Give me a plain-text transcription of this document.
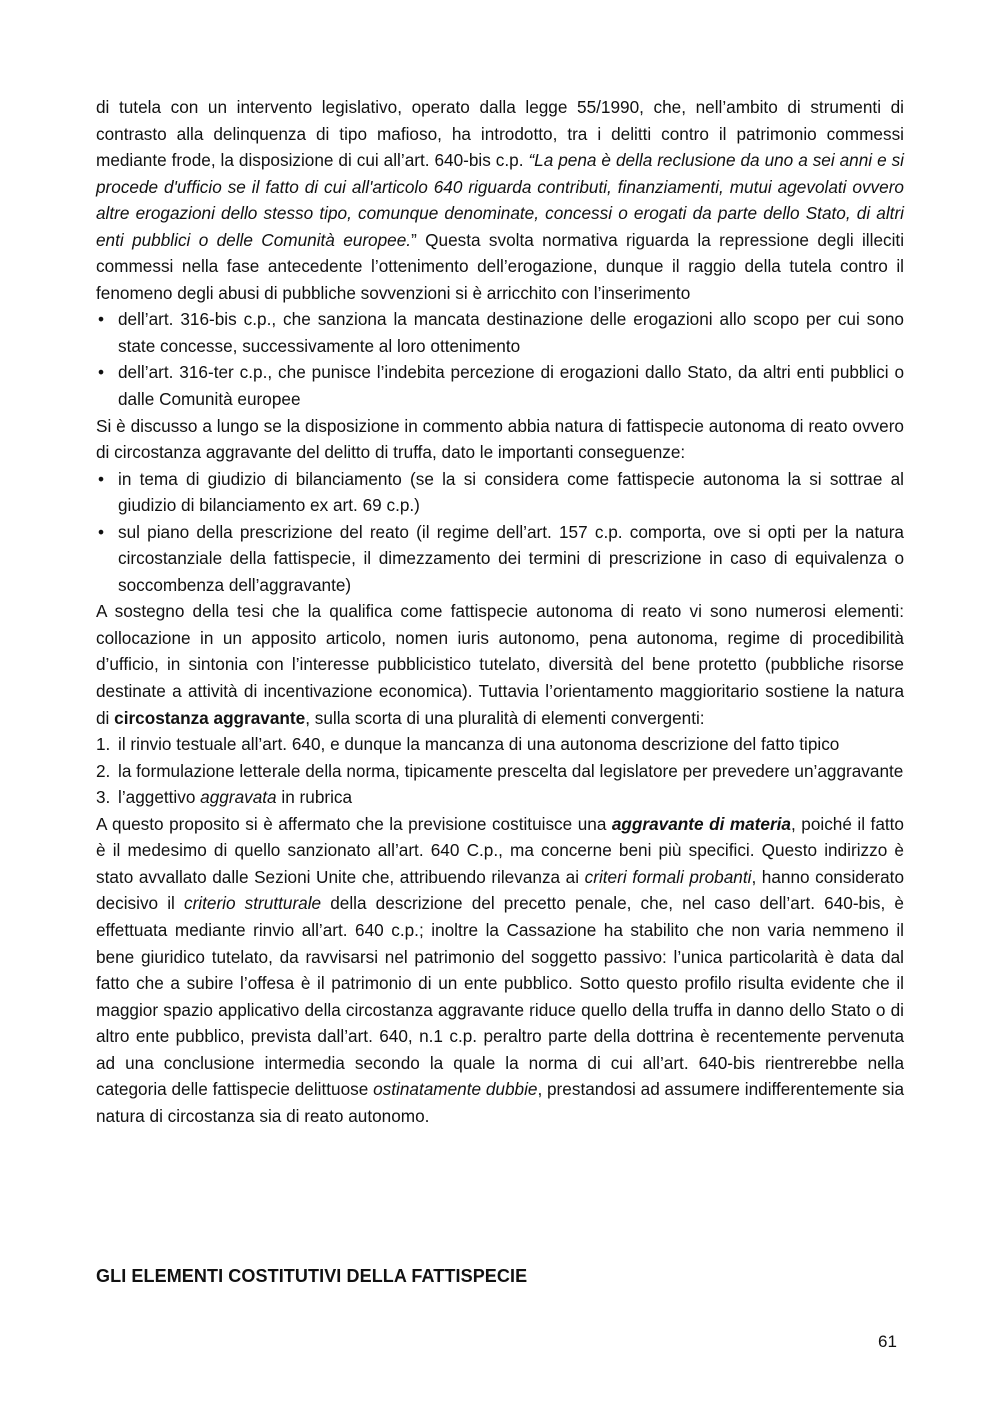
di tutela con un intervento legislativo, operato dalla legge 55/1990, che, nell’ambito di strumenti di contrasto alla delinquenza di tipo mafioso, ha introdotto, tra i delitti contro il patrimonio commessi mediante frode, la disposizione di cui all’art. 640-bis c.p. “La pena è della reclusione da uno a sei anni e si procede d'ufficio se il fatto di cui all'articolo 640 riguarda contributi, finanziamenti, mutui agevolati ovvero altre erogazioni dello stesso tipo, comunque denominate, concessi o erogati da parte dello Stato, di altri enti pubblici o delle Comunità europee.” Questa svolta normativa riguarda la repressione degli illeciti commessi nella fase antecedente l’ottenimento dell’erogazione, dunque il raggio della tutela contro il fenomeno degli abusi di pubbliche sovvenzioni si è arricchito con l’inserimento

• dell’art. 316-bis c.p., che sanziona la mancata destinazione delle erogazioni allo scopo per cui sono state concesse, successivamente al loro ottenimento
• dell’art. 316-ter c.p., che punisce l’indebita percezione di erogazioni dallo Stato, da altri enti pubblici o dalle Comunità europee

Si è discusso a lungo se la disposizione in commento abbia natura di fattispecie autonoma di reato ovvero di circostanza aggravante del delitto di truffa, dato le importanti conseguenze:

• in tema di giudizio di bilanciamento (se la si considera come fattispecie autonoma la si sottrae al giudizio di bilanciamento ex art. 69 c.p.)
• sul piano della prescrizione del reato (il regime dell’art. 157 c.p. comporta, ove si opti per la natura circostanziale della fattispecie, il dimezzamento dei termini di prescrizione in caso di equivalenza o soccombenza dell’aggravante)

A sostegno della tesi che la qualifica come fattispecie autonoma di reato vi sono numerosi elementi: collocazione in un apposito articolo, nomen iuris autonomo, pena autonoma, regime di procedibilità d’ufficio, in sintonia con l’interesse pubblicistico tutelato, diversità del bene protetto (pubbliche risorse destinate a attività di incentivazione economica). Tuttavia l’orientamento maggioritario sostiene la natura di circostanza aggravante, sulla scorta di una pluralità di elementi convergenti:

1. il rinvio testuale all’art. 640, e dunque la mancanza di una autonoma descrizione del fatto tipico
2. la formulazione letterale della norma, tipicamente prescelta dal legislatore per prevedere un’aggravante
3. l’aggettivo aggravata in rubrica

A questo proposito si è affermato che la previsione costituisce una aggravante di materia, poiché il fatto è il medesimo di quello sanzionato all’art. 640 C.p., ma concerne beni più specifici. Questo indirizzo è stato avvallato dalle Sezioni Unite che, attribuendo rilevanza ai criteri formali probanti, hanno considerato decisivo il criterio strutturale della descrizione del precetto penale, che, nel caso dell’art. 640-bis, è effettuata mediante rinvio all’art. 640 c.p.; inoltre la Cassazione ha stabilito che non varia nemmeno il bene giuridico tutelato, da ravvisarsi nel patrimonio del soggetto passivo: l’unica particolarità è data dal fatto che a subire l’offesa è il patrimonio di un ente pubblico. Sotto questo profilo risulta evidente che il maggior spazio applicativo della circostanza aggravante riduce quello della truffa in danno dello Stato o di altro ente pubblico, prevista dall’art. 640, n.1 c.p. peraltro parte della dottrina è recentemente pervenuta ad una conclusione intermedia secondo la quale la norma di cui all’art. 640-bis rientrerebbe nella categoria delle fattispecie delittuose ostinatamente dubbie, prestandosi ad assumere indifferentemente sia natura di circostanza sia di reato autonomo.

GLI ELEMENTI COSTITUTIVI DELLA FATTISPECIE
61
